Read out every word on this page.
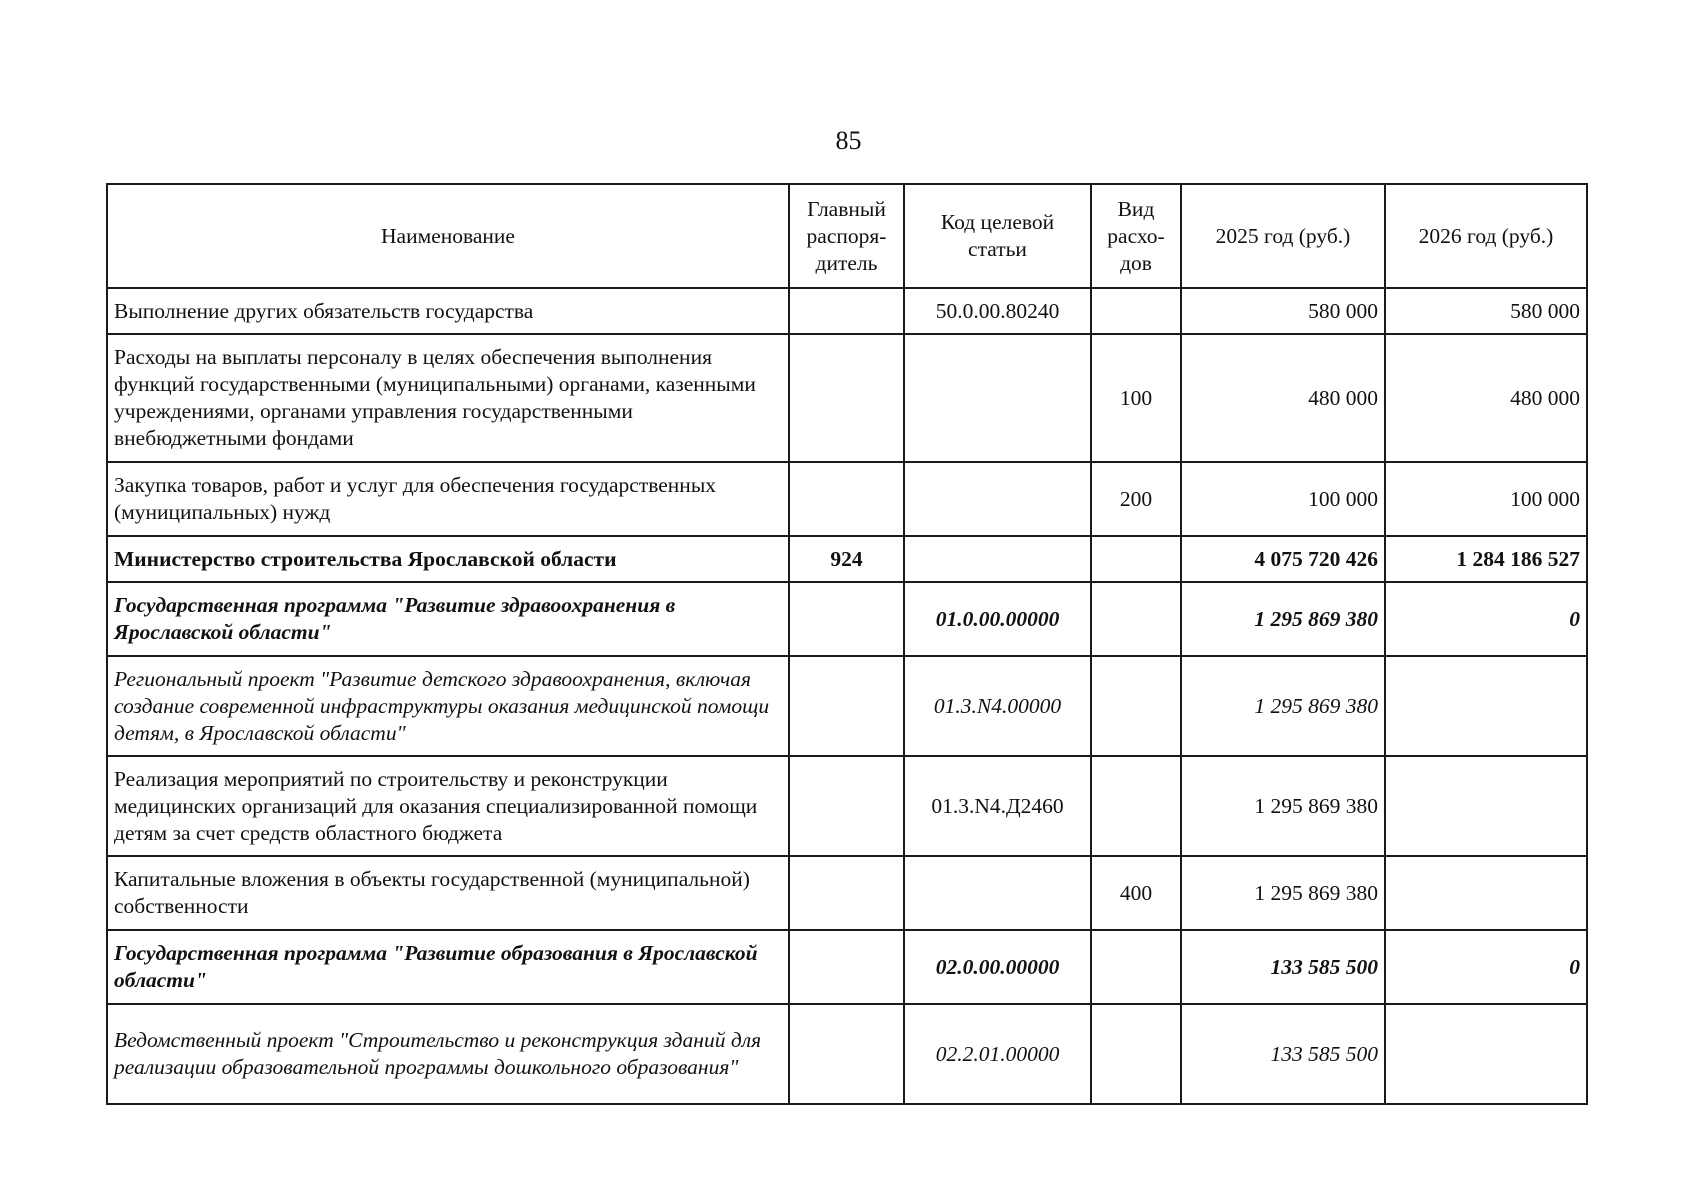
85
Наименование	Главный распоря-дитель	Код целевой статьи	Вид расхо-дов	2025 год (руб.)	2026 год (руб.)
Выполнение других обязательств государства		50.0.00.80240		580 000	580 000
Расходы на выплаты персоналу в целях обеспечения выполнения функций государственными (муниципальными) органами, казенными учреждениями, органами управления государственными внебюджетными фондами			100	480 000	480 000
Закупка товаров, работ и услуг для обеспечения государственных (муниципальных) нужд			200	100 000	100 000
Министерство строительства Ярославской области	924			4 075 720 426	1 284 186 527
Государственная программа "Развитие здравоохранения в Ярославской области"		01.0.00.00000		1 295 869 380	0
Региональный проект "Развитие детского здравоохранения, включая создание современной инфраструктуры оказания медицинской помощи детям, в Ярославской области"		01.3.N4.00000		1 295 869 380	
Реализация мероприятий по строительству и реконструкции медицинских организаций для оказания специализированной помощи детям за счет средств областного бюджета		01.3.N4.Д2460		1 295 869 380	
Капитальные вложения в объекты государственной (муниципальной) собственности			400	1 295 869 380	
Государственная программа "Развитие образования в Ярославской области"		02.0.00.00000		133 585 500	0
Ведомственный проект "Строительство и реконструкция зданий для реализации образовательной программы дошкольного образования"		02.2.01.00000		133 585 500	
